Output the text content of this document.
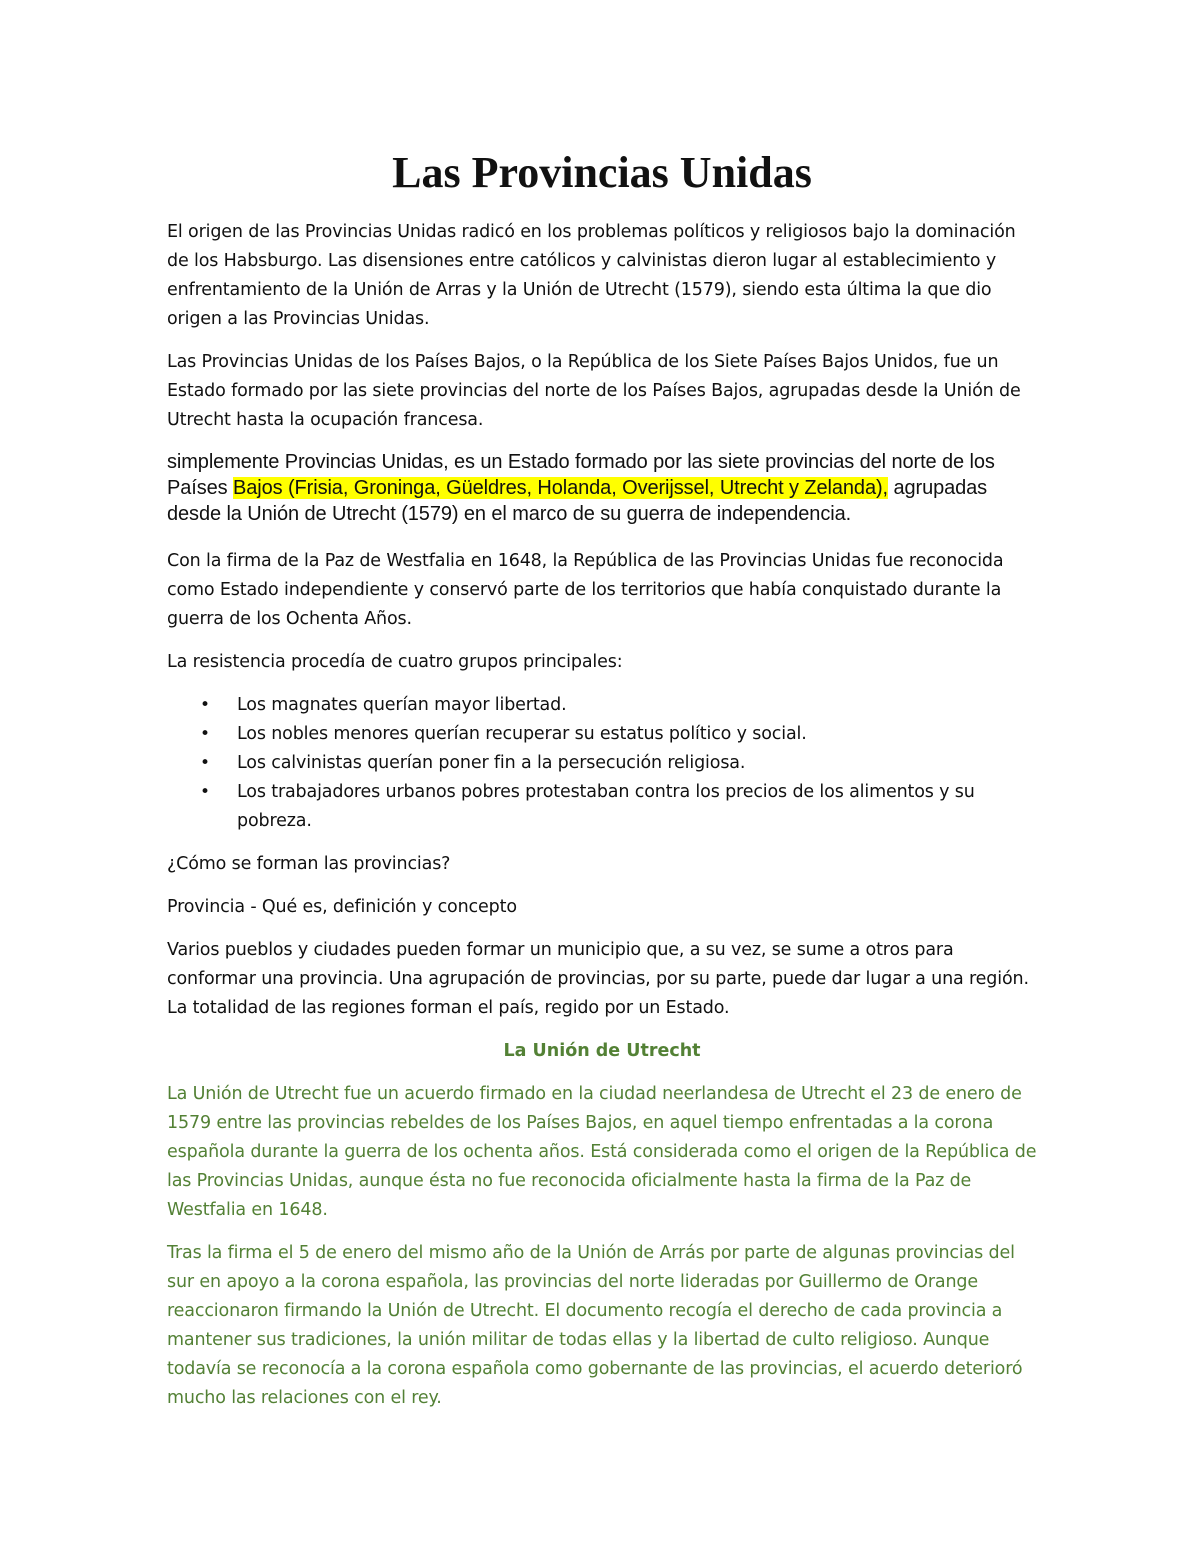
Las Provincias Unidas

El origen de las Provincias Unidas radicó en los problemas políticos y religiosos bajo la dominación de los Habsburgo. Las disensiones entre católicos y calvinistas dieron lugar al establecimiento y enfrentamiento de la Unión de Arras y la Unión de Utrecht (1579), siendo esta última la que dio origen a las Provincias Unidas.

Las Provincias Unidas de los Países Bajos, o la República de los Siete Países Bajos Unidos, fue un Estado formado por las siete provincias del norte de los Países Bajos, agrupadas desde la Unión de Utrecht hasta la ocupación francesa.

simplemente Provincias Unidas, es un Estado formado por las siete provincias del norte de los Países Bajos (Frisia, Groninga, Güeldres, Holanda, Overijssel, Utrecht y Zelanda), agrupadas desde la Unión de Utrecht (1579) en el marco de su guerra de independencia.

Con la firma de la Paz de Westfalia en 1648, la República de las Provincias Unidas fue reconocida como Estado independiente y conservó parte de los territorios que había conquistado durante la guerra de los Ochenta Años.

La resistencia procedía de cuatro grupos principales:

• Los magnates querían mayor libertad.
• Los nobles menores querían recuperar su estatus político y social.
• Los calvinistas querían poner fin a la persecución religiosa.
• Los trabajadores urbanos pobres protestaban contra los precios de los alimentos y su pobreza.

¿Cómo se forman las provincias?

Provincia - Qué es, definición y concepto

Varios pueblos y ciudades pueden formar un municipio que, a su vez, se sume a otros para conformar una provincia. Una agrupación de provincias, por su parte, puede dar lugar a una región. La totalidad de las regiones forman el país, regido por un Estado.

La Unión de Utrecht

La Unión de Utrecht fue un acuerdo firmado en la ciudad neerlandesa de Utrecht el 23 de enero de 1579 entre las provincias rebeldes de los Países Bajos, en aquel tiempo enfrentadas a la corona española durante la guerra de los ochenta años. Está considerada como el origen de la República de las Provincias Unidas, aunque ésta no fue reconocida oficialmente hasta la firma de la Paz de Westfalia en 1648.

Tras la firma el 5 de enero del mismo año de la Unión de Arrás por parte de algunas provincias del sur en apoyo a la corona española, las provincias del norte lideradas por Guillermo de Orange reaccionaron firmando la Unión de Utrecht. El documento recogía el derecho de cada provincia a mantener sus tradiciones, la unión militar de todas ellas y la libertad de culto religioso. Aunque todavía se reconocía a la corona española como gobernante de las provincias, el acuerdo deterioró mucho las relaciones con el rey.
